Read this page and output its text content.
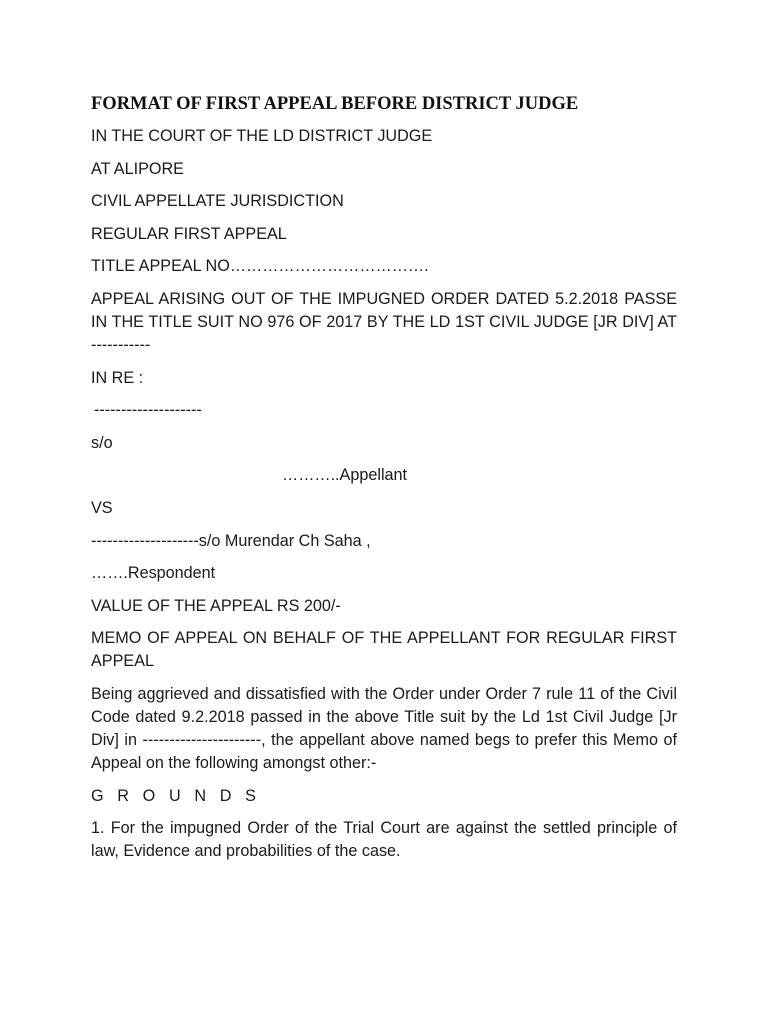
FORMAT OF FIRST APPEAL BEFORE DISTRICT JUDGE
IN THE COURT OF THE LD DISTRICT JUDGE
AT ALIPORE
CIVIL APPELLATE JURISDICTION
REGULAR FIRST APPEAL
TITLE APPEAL NO……………………………….
APPEAL ARISING OUT OF THE IMPUGNED ORDER DATED 5.2.2018 PASSE IN THE TITLE SUIT NO 976 OF 2017 BY THE LD 1ST CIVIL JUDGE [JR DIV] AT -----------
IN RE :
--------------------
s/o
………..Appellant
VS
--------------------s/o Murendar Ch Saha ,
…….Respondent
VALUE OF THE APPEAL RS 200/-
MEMO OF APPEAL ON BEHALF OF THE APPELLANT FOR REGULAR FIRST APPEAL
Being aggrieved and dissatisfied with the Order under Order 7 rule 11 of the Civil Code dated 9.2.2018 passed in the above Title suit by the Ld 1st Civil Judge [Jr Div] in ----------------------, the appellant above named begs to prefer this Memo of Appeal on the following amongst other:-
G R O U N D S
1. For the impugned Order of the Trial Court are against the settled principle of law, Evidence and probabilities of the case.
